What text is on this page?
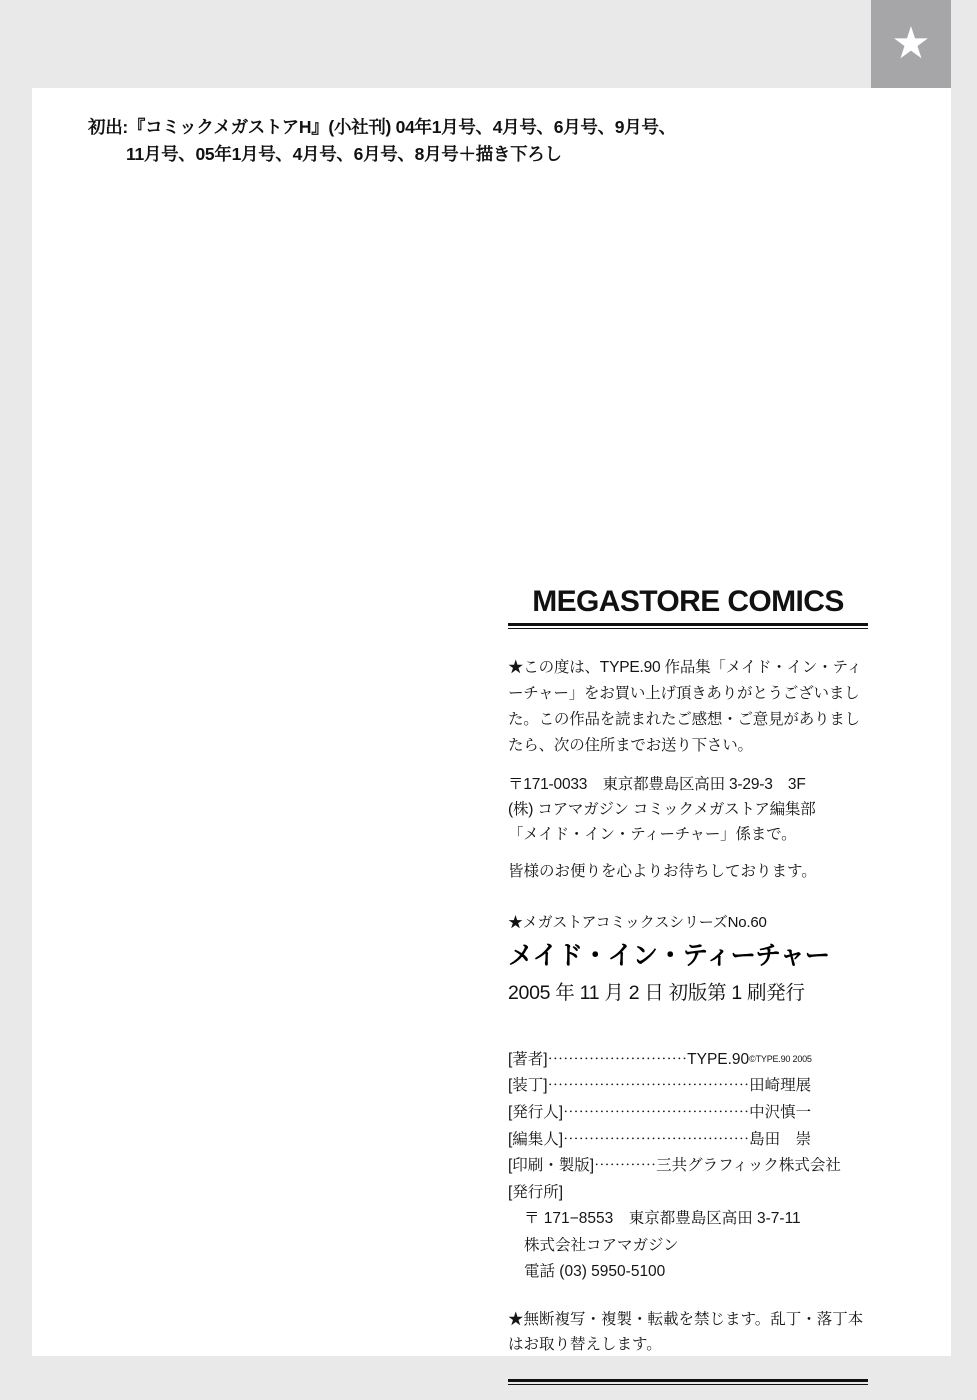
★
初出:『コミックメガストアH』(小社刊) 04年1月号、4月号、6月号、9月号、
11月号、05年1月号、4月号、6月号、8月号＋描き下ろし
MEGASTORE COMICS
★この度は、TYPE.90 作品集「メイド・イン・ティーチャー」をお買い上げ頂きありがとうございました。この作品を読まれたご感想・ご意見がありましたら、次の住所までお送り下さい。
〒171-0033　東京都豊島区高田 3-29-3　3F
(株) コアマガジン コミックメガストア編集部
「メイド・イン・ティーチャー」係まで。
皆様のお便りを心よりお待ちしております。
★メガストアコミックスシリーズNo.60
メイド・イン・ティーチャー
2005 年 11 月 2 日 初版第 1 刷発行
[著者]⋯⋯⋯⋯⋯⋯⋯⋯⋯TYPE.90©TYPE.90 2005
[装丁]⋯⋯⋯⋯⋯⋯⋯⋯⋯⋯⋯⋯⋯田崎理展
[発行人]⋯⋯⋯⋯⋯⋯⋯⋯⋯⋯⋯⋯中沢慎一
[編集人]⋯⋯⋯⋯⋯⋯⋯⋯⋯⋯⋯⋯島田　崇
[印刷・製版]⋯⋯⋯⋯三共グラフィック株式会社
[発行所]
〒 171−8553　東京都豊島区高田 3-7-11
株式会社コアマガジン
電話 (03) 5950-5100
★無断複写・複製・転載を禁じます。乱丁・落丁本はお取り替えします。
